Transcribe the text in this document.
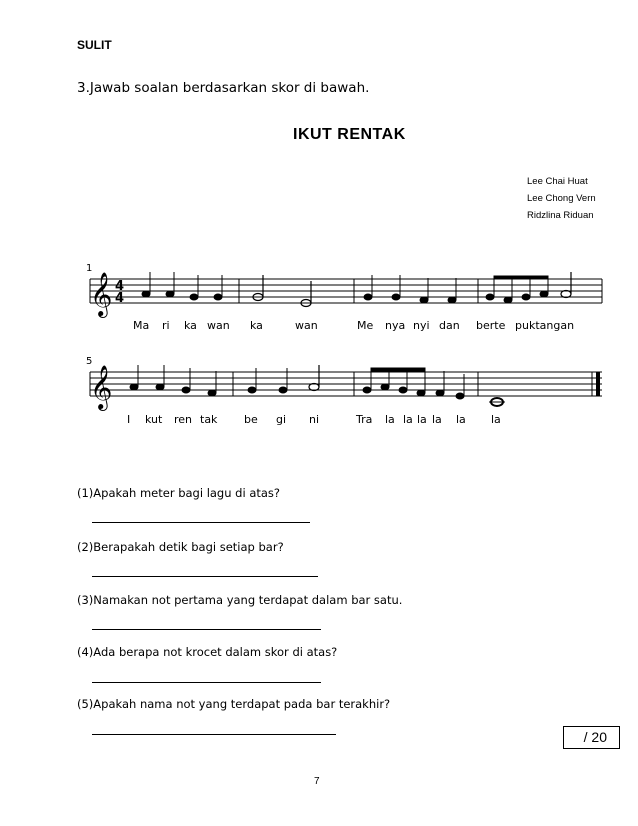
SULIT
3.Jawab soalan berdasarkan skor di bawah.
IKUT RENTAK
Lee Chai Huat
Lee Chong Vern
Ridzlina Riduan
1
𝄞 4
4
Ma ri ka wan ka	wan	Me nya nyi dan berte puktangan
5
𝄞
I kut ren tak be gi ni	Tra la la la la la la
(1)Apakah meter bagi lagu di atas?
(2)Berapakah detik bagi setiap bar?
(3)Namakan not pertama yang terdapat dalam bar satu.
(4)Ada berapa not krocet dalam skor di atas?
(5)Apakah nama not yang terdapat pada bar terakhir?
/ 20
7
